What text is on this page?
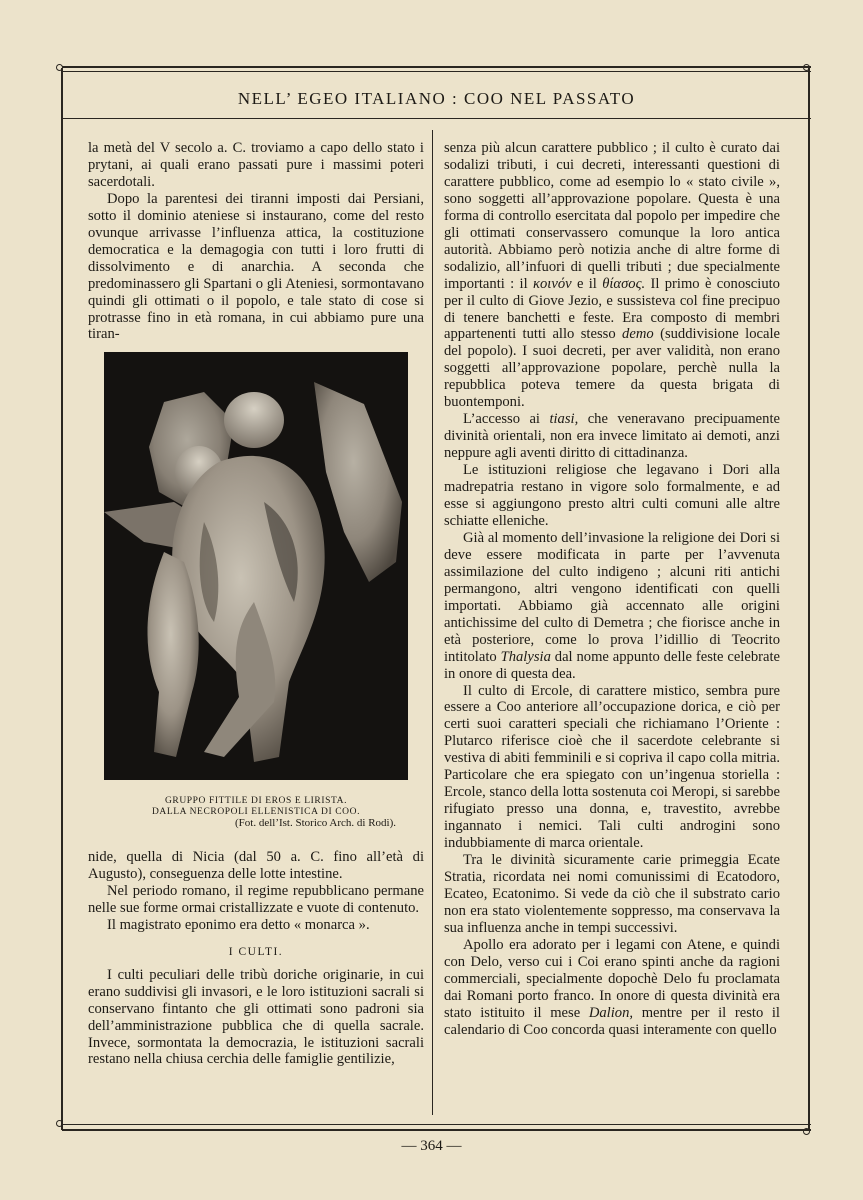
NELL’ EGEO ITALIANO : COO NEL PASSATO

la metà del V secolo a. C. troviamo a capo dello stato i prytani, ai quali erano passati pure i massimi poteri sacerdotali.

Dopo la parentesi dei tiranni imposti dai Persiani, sotto il dominio ateniese si instaurano, come del resto ovunque arrivasse l’influenza attica, la costituzione democratica e la demagogia con tutti i loro frutti di dissolvimento e di anarchia. A seconda che predominassero gli Spartani o gli Ateniesi, sormontavano quindi gli ottimati o il popolo, e tale stato di cose si protrasse fino in età romana, in cui abbiamo pure una tiran-

GRUPPO FITTILE DI EROS E LIRISTA.
DALLA NECROPOLI ELLENISTICA DI COO.
(Fot. dell’Ist. Storico Arch. di Rodi).

nide, quella di Nicia (dal 50 a. C. fino all’età di Augusto), conseguenza delle lotte intestine.

Nel periodo romano, il regime repubblicano permane nelle sue forme ormai cristallizzate e vuote di contenuto.

Il magistrato eponimo era detto « monarca ».

I CULTI.

I culti peculiari delle tribù doriche originarie, in cui erano suddivisi gli invasori, e le loro istituzioni sacrali si conservano fintanto che gli ottimati sono padroni sia dell’amministrazione pubblica che di quella sacrale. Invece, sormontata la democrazia, le istituzioni sacrali restano nella chiusa cerchia delle famiglie gentilizie,

senza più alcun carattere pubblico ; il culto è curato dai sodalizi tributi, i cui decreti, interessanti questioni di carattere pubblico, come ad esempio lo « stato civile », sono soggetti all’approvazione popolare. Questa è una forma di controllo esercitata dal popolo per impedire che gli ottimati conservassero comunque la loro antica autorità. Abbiamo però notizia anche di altre forme di sodalizio, all’infuori di quelli tributi ; due specialmente importanti : il κοινόν e il θίασος. Il primo è conosciuto per il culto di Giove Jezio, e sussisteva col fine precipuo di tenere banchetti e feste. Era composto di membri appartenenti tutti allo stesso demo (suddivisione locale del popolo). I suoi decreti, per aver validità, non erano soggetti all’approvazione popolare, perchè nulla la repubblica poteva temere da questa brigata di buontemponi.

L’accesso ai tiasi, che veneravano precipuamente divinità orientali, non era invece limitato ai demoti, anzi neppure agli aventi diritto di cittadinanza.

Le istituzioni religiose che legavano i Dori alla madrepatria restano in vigore solo formalmente, e ad esse si aggiungono presto altri culti comuni alle altre schiatte elleniche.

Già al momento dell’invasione la religione dei Dori si deve essere modificata in parte per l’avvenuta assimilazione del culto indigeno ; alcuni riti antichi permangono, altri vengono identificati con quelli importati. Abbiamo già accennato alle origini antichissime del culto di Demetra ; che fiorisce anche in età posteriore, come lo prova l’idillio di Teocrito intitolato Thalysia dal nome appunto delle feste celebrate in onore di questa dea.

Il culto di Ercole, di carattere mistico, sembra pure essere a Coo anteriore all’occupazione dorica, e ciò per certi suoi caratteri speciali che richiamano l’Oriente : Plutarco riferisce cioè che il sacerdote celebrante si vestiva di abiti femminili e si copriva il capo colla mitria. Particolare che era spiegato con un’ingenua storiella : Ercole, stanco della lotta sostenuta coi Meropi, si sarebbe rifugiato presso una donna, e, travestito, avrebbe ingannato i nemici. Tali culti androgini sono indubbiamente di marca orientale.

Tra le divinità sicuramente carie primeggia Ecate Stratia, ricordata nei nomi comunissimi di Ecatodoro, Ecateo, Ecatonimo. Si vede da ciò che il substrato cario non era stato violentemente soppresso, ma conservava la sua influenza anche in tempi successivi.

Apollo era adorato per i legami con Atene, e quindi con Delo, verso cui i Coi erano spinti anche da ragioni commerciali, specialmente dopochè Delo fu proclamata dai Romani porto franco. In onore di questa divinità era stato istituito il mese Dalion, mentre per il resto il calendario di Coo concorda quasi interamente con quello

— 364 —
